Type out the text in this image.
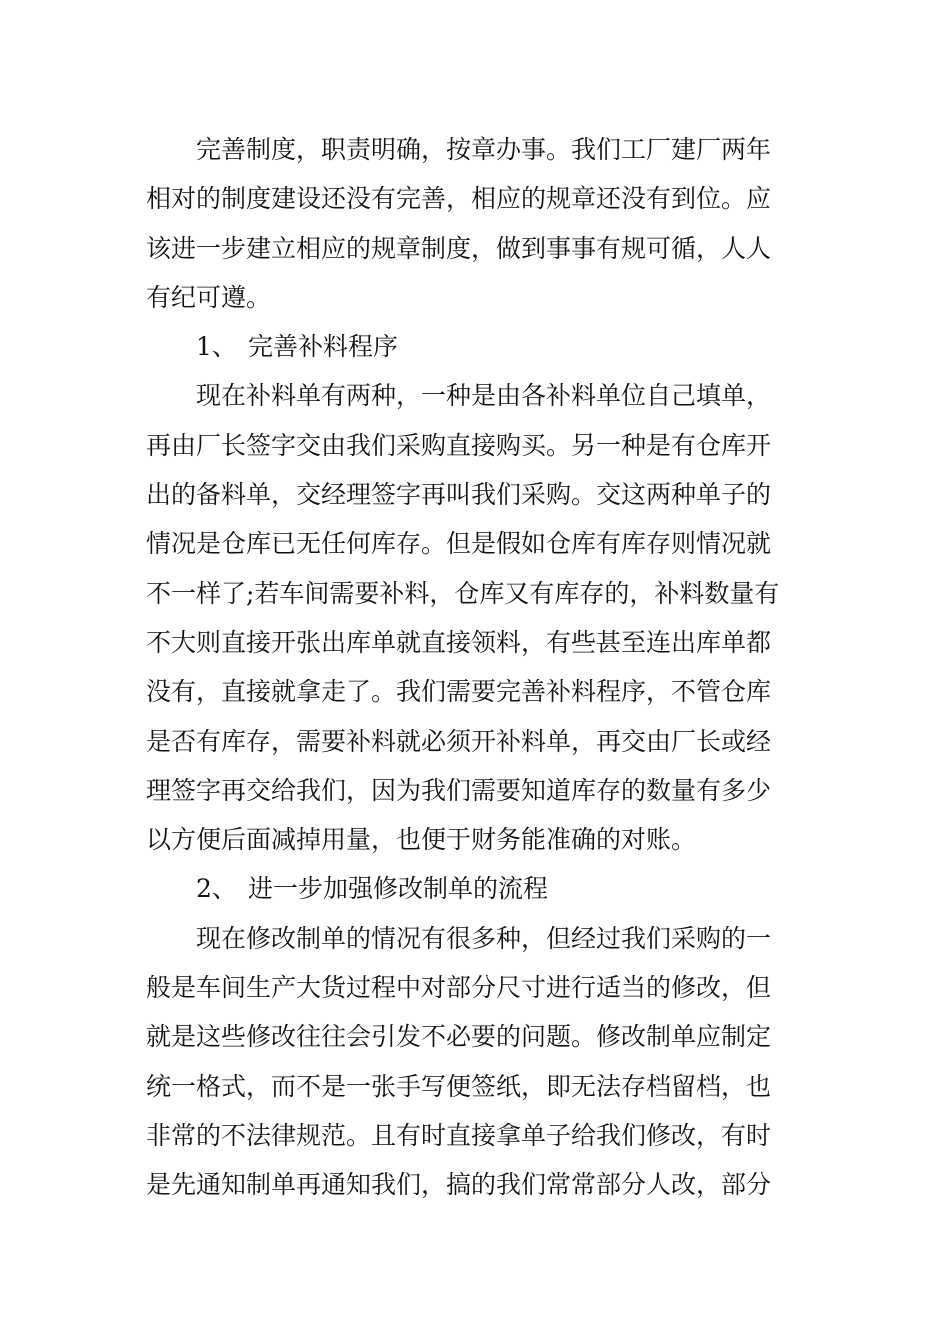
完善制度，职责明确，按章办事。我们工厂建厂两年
相对的制度建设还没有完善，相应的规章还没有到位。应
该进一步建立相应的规章制度，做到事事有规可循，人人
有纪可遵。
1、 完善补料程序
现在补料单有两种，一种是由各补料单位自己填单，
再由厂长签字交由我们采购直接购买。另一种是有仓库开
出的备料单，交经理签字再叫我们采购。交这两种单子的
情况是仓库已无任何库存。但是假如仓库有库存则情况就
不一样了;若车间需要补料，仓库又有库存的，补料数量有
不大则直接开张出库单就直接领料，有些甚至连出库单都
没有，直接就拿走了。我们需要完善补料程序，不管仓库
是否有库存，需要补料就必须开补料单，再交由厂长或经
理签字再交给我们，因为我们需要知道库存的数量有多少
以方便后面减掉用量，也便于财务能准确的对账。
2、 进一步加强修改制单的流程
现在修改制单的情况有很多种，但经过我们采购的一
般是车间生产大货过程中对部分尺寸进行适当的修改，但
就是这些修改往往会引发不必要的问题。修改制单应制定
统一格式，而不是一张手写便签纸，即无法存档留档，也
非常的不法律规范。且有时直接拿单子给我们修改，有时
是先通知制单再通知我们，搞的我们常常部分人改，部分
